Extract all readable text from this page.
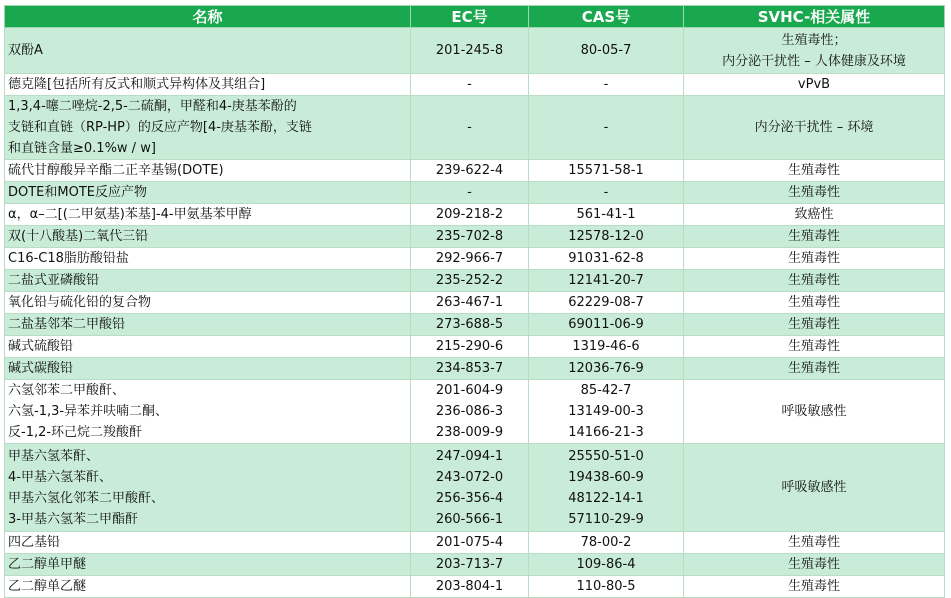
名称	EC号	CAS号	SVHC-相关属性

双酚A	201-245-8	80-05-7	生殖毒性；
内分泌干扰性 – 人体健康及环境

德克隆[包括所有反式和顺式异构体及其组合]	-	-	vPvB

1,3,4-噻二唑烷-2,5-二硫酮，甲醛和4-庚基苯酚的
支链和直链（RP-HP）的反应产物[4-庚基苯酚，支链
和直链含量≥0.1%w / w]	-	-	内分泌干扰性 – 环境

硫代甘醇酸异辛酯二正辛基锡(DOTE)	239-622-4	15571-58-1	生殖毒性

DOTE和MOTE反应产物	-	-	生殖毒性

α，α–二[(二甲氨基)苯基]-4-甲氨基苯甲醇	209-218-2	561-41-1	致癌性

双(十八酸基)二氧代三铅	235-702-8	12578-12-0	生殖毒性

C16-C18脂肪酸铅盐	292-966-7	91031-62-8	生殖毒性

二盐式亚磷酸铅	235-252-2	12141-20-7	生殖毒性

氧化铅与硫化铅的复合物	263-467-1	62229-08-7	生殖毒性

二盐基邻苯二甲酸铅	273-688-5	69011-06-9	生殖毒性

碱式硫酸铅	215-290-6	1319-46-6	生殖毒性

碱式碳酸铅	234-853-7	12036-76-9	生殖毒性

六氢邻苯二甲酸酐、
六氢-1,3-异苯并呋喃二酮、
反-1,2-环己烷二羧酸酐	201-604-9
236-086-3
238-009-9	85-42-7
13149-00-3
14166-21-3	呼吸敏感性

甲基六氢苯酐、
4-甲基六氢苯酐、
甲基六氢化邻苯二甲酸酐、
3-甲基六氢苯二甲酯酐	247-094-1
243-072-0
256-356-4
260-566-1	25550-51-0
19438-60-9
48122-14-1
57110-29-9	呼吸敏感性

四乙基铅	201-075-4	78-00-2	生殖毒性

乙二醇单甲醚	203-713-7	109-86-4	生殖毒性

乙二醇单乙醚	203-804-1	110-80-5	生殖毒性
